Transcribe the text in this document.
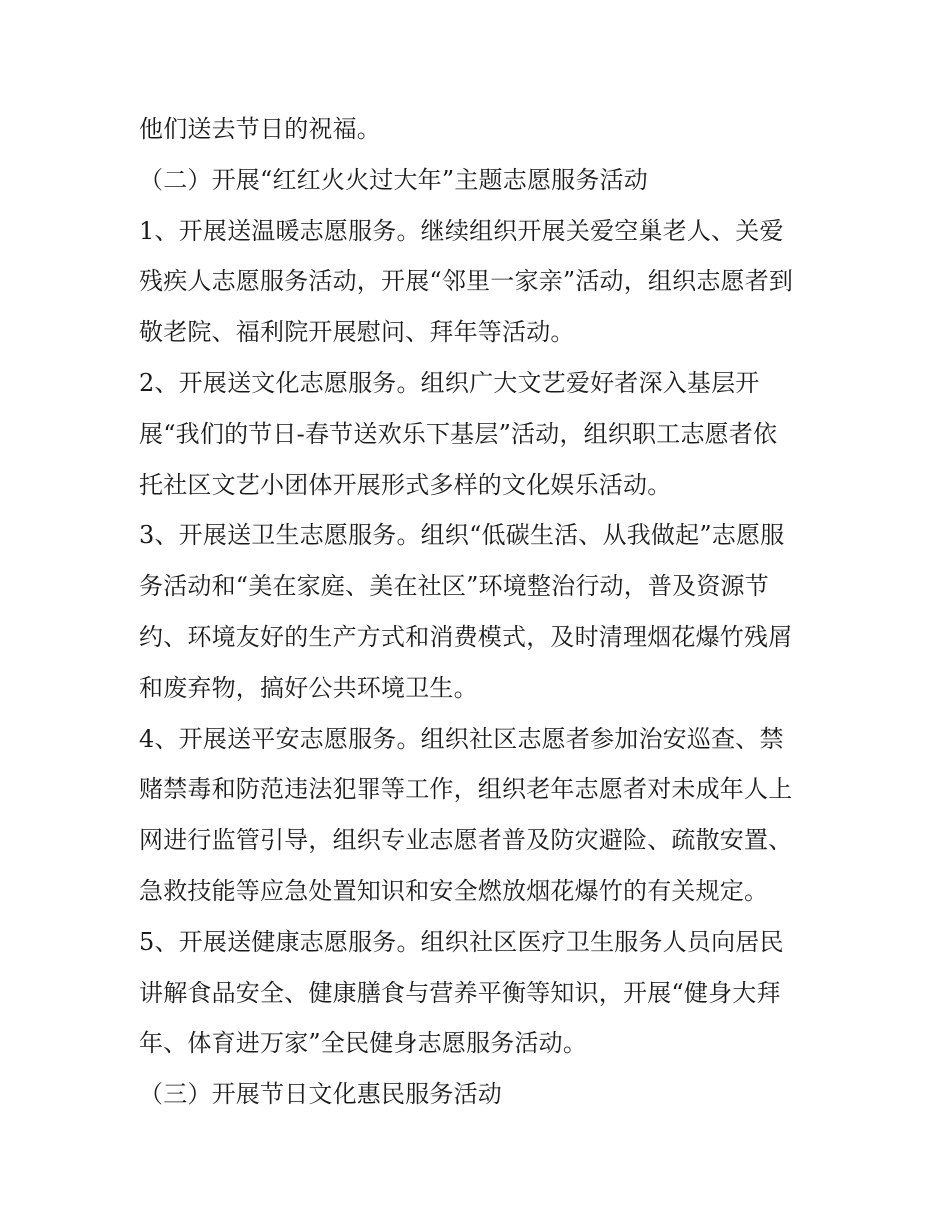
他们送去节日的祝福。
（二）开展“红红火火过大年”主题志愿服务活动
1、开展送温暖志愿服务。继续组织开展关爱空巢老人、关爱
残疾人志愿服务活动，开展“邻里一家亲”活动，组织志愿者到
敬老院、福利院开展慰问、拜年等活动。
2、开展送文化志愿服务。组织广大文艺爱好者深入基层开
展“我们的节日-春节送欢乐下基层”活动，组织职工志愿者依
托社区文艺小团体开展形式多样的文化娱乐活动。
3、开展送卫生志愿服务。组织“低碳生活、从我做起”志愿服
务活动和“美在家庭、美在社区”环境整治行动，普及资源节
约、环境友好的生产方式和消费模式，及时清理烟花爆竹残屑
和废弃物，搞好公共环境卫生。
4、开展送平安志愿服务。组织社区志愿者参加治安巡查、禁
赌禁毒和防范违法犯罪等工作，组织老年志愿者对未成年人上
网进行监管引导，组织专业志愿者普及防灾避险、疏散安置、
急救技能等应急处置知识和安全燃放烟花爆竹的有关规定。
5、开展送健康志愿服务。组织社区医疗卫生服务人员向居民
讲解食品安全、健康膳食与营养平衡等知识，开展“健身大拜
年、体育进万家”全民健身志愿服务活动。
（三）开展节日文化惠民服务活动
